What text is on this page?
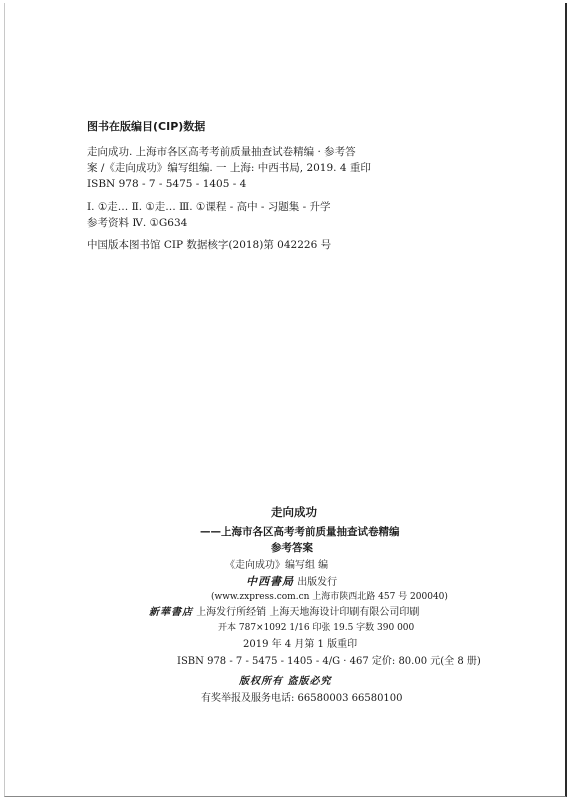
图书在版编目(CIP)数据
走向成功. 上海市各区高考考前质量抽查试卷精编 · 参考答
案 /《走向成功》编写组编. 一 上海: 中西书局, 2019. 4 重印
ISBN 978 - 7 - 5475 - 1405 - 4
I. ①走… Ⅱ. ①走… Ⅲ. ①课程 - 高中 - 习题集 - 升学
参考资料 Ⅳ. ①G634
中国版本图书馆 CIP 数据核字(2018)第 042226 号
走向成功
——上海市各区高考考前质量抽查试卷精编
参考答案
《走向成功》编写组 编
中西書局 出版发行
(www.zxpress.com.cn 上海市陕西北路 457 号 200040)
新華書店 上海发行所经销 上海天地海设计印刷有限公司印刷
开本 787×1092 1/16 印张 19.5 字数 390 000
2019 年 4 月第 1 版重印
ISBN 978 - 7 - 5475 - 1405 - 4/G · 467 定价: 80.00 元(全 8 册)
版权所有 盗版必究
有奖举报及服务电话: 66580003 66580100
